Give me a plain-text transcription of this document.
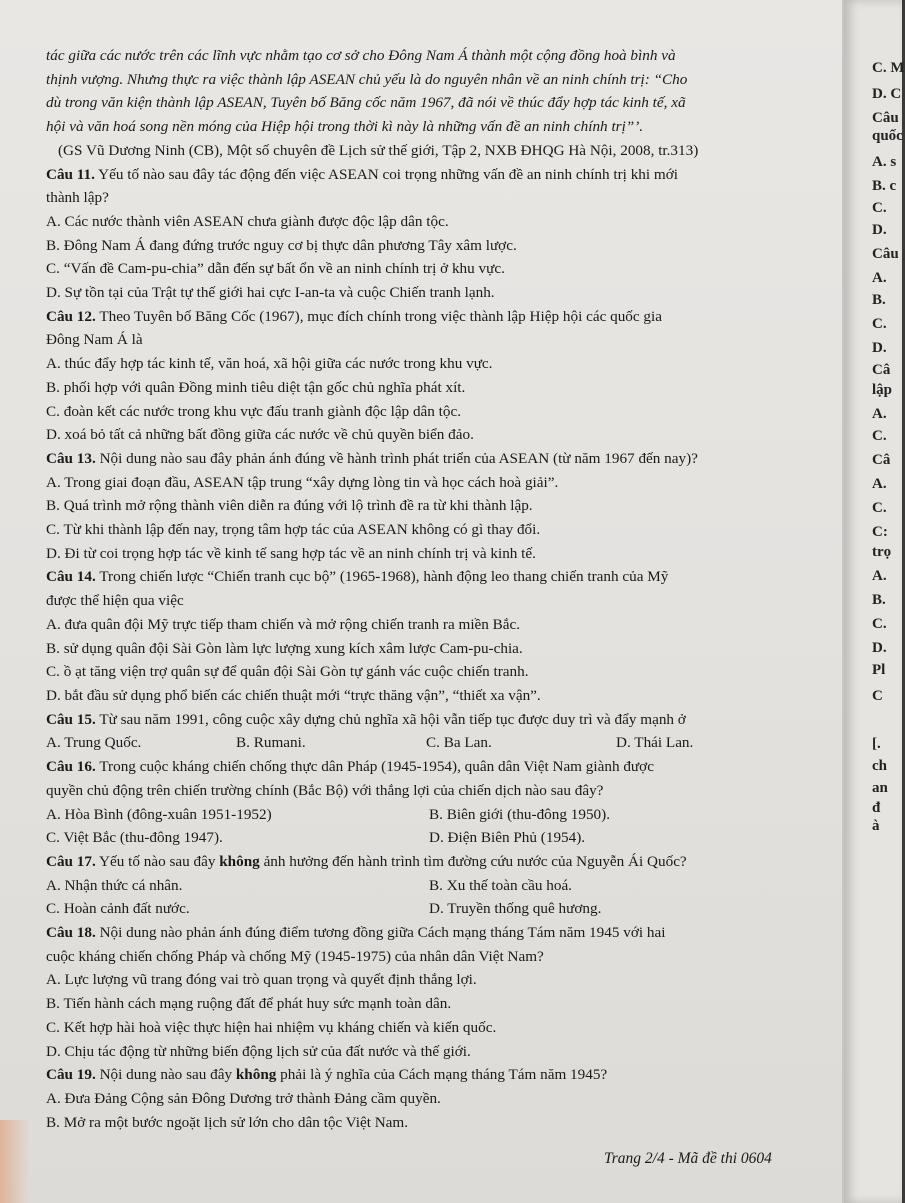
tác giữa các nước trên các lĩnh vực nhằm tạo cơ sở cho Đông Nam Á thành một cộng đồng hoà bình và

thịnh vượng. Nhưng thực ra việc thành lập ASEAN chủ yếu là do nguyên nhân về an ninh chính trị: “Cho

dù trong văn kiện thành lập ASEAN, Tuyên bố Băng cốc năm 1967, đã nói về thúc đẩy hợp tác kinh tế, xã

hội và văn hoá song nền móng của Hiệp hội trong thời kì này là những vấn đề an ninh chính trị”’.

(GS Vũ Dương Ninh (CB), Một số chuyên đề Lịch sử thế giới, Tập 2, NXB ĐHQG Hà Nội, 2008, tr.313)

Câu 11. Yếu tố nào sau đây tác động đến việc ASEAN coi trọng những vấn đề an ninh chính trị khi mới

thành lập?

A. Các nước thành viên ASEAN chưa giành được độc lập dân tộc.

B. Đông Nam Á đang đứng trước nguy cơ bị thực dân phương Tây xâm lược.

C. “Vấn đề Cam-pu-chia” dẫn đến sự bất ổn về an ninh chính trị ở khu vực.

D. Sự tồn tại của Trật tự thế giới hai cực I-an-ta và cuộc Chiến tranh lạnh.

Câu 12. Theo Tuyên bố Băng Cốc (1967), mục đích chính trong việc thành lập Hiệp hội các quốc gia

Đông Nam Á là

A. thúc đẩy hợp tác kinh tế, văn hoá, xã hội giữa các nước trong khu vực.

B. phối hợp với quân Đồng minh tiêu diệt tận gốc chủ nghĩa phát xít.

C. đoàn kết các nước trong khu vực đấu tranh giành độc lập dân tộc.

D. xoá bỏ tất cả những bất đồng giữa các nước về chủ quyền biển đảo.

Câu 13. Nội dung nào sau đây phản ánh đúng về hành trình phát triển của ASEAN (từ năm 1967 đến nay)?

A. Trong giai đoạn đầu, ASEAN tập trung “xây dựng lòng tin và học cách hoà giải”.

B. Quá trình mở rộng thành viên diễn ra đúng với lộ trình đề ra từ khi thành lập.

C. Từ khi thành lập đến nay, trọng tâm hợp tác của ASEAN không có gì thay đổi.

D. Đi từ coi trọng hợp tác về kinh tế sang hợp tác về an ninh chính trị và kinh tế.

Câu 14. Trong chiến lược “Chiến tranh cục bộ” (1965-1968), hành động leo thang chiến tranh của Mỹ

được thể hiện qua việc

A. đưa quân đội Mỹ trực tiếp tham chiến và mở rộng chiến tranh ra miền Bắc.

B. sử dụng quân đội Sài Gòn làm lực lượng xung kích xâm lược Cam-pu-chia.

C. ồ ạt tăng viện trợ quân sự để quân đội Sài Gòn tự gánh vác cuộc chiến tranh.

D. bắt đầu sử dụng phổ biến các chiến thuật mới “trực thăng vận”, “thiết xa vận”.

Câu 15. Từ sau năm 1991, công cuộc xây dựng chủ nghĩa xã hội vẫn tiếp tục được duy trì và đẩy mạnh ở

A. Trung Quốc.	B. Rumani.	C. Ba Lan.	D. Thái Lan.

Câu 16. Trong cuộc kháng chiến chống thực dân Pháp (1945-1954), quân dân Việt Nam giành được

quyền chủ động trên chiến trường chính (Bắc Bộ) với thắng lợi của chiến dịch nào sau đây?

A. Hòa Bình (đông-xuân 1951-1952)	B. Biên giới (thu-đông 1950).
C. Việt Bắc (thu-đông 1947).	D. Điện Biên Phủ (1954).

Câu 17. Yếu tố nào sau đây không ảnh hưởng đến hành trình tìm đường cứu nước của Nguyễn Ái Quốc?

A. Nhận thức cá nhân.	B. Xu thế toàn cầu hoá.
C. Hoàn cảnh đất nước.	D. Truyền thống quê hương.

Câu 18. Nội dung nào phản ánh đúng điểm tương đồng giữa Cách mạng tháng Tám năm 1945 với hai

cuộc kháng chiến chống Pháp và chống Mỹ (1945-1975) của nhân dân Việt Nam?

A. Lực lượng vũ trang đóng vai trò quan trọng và quyết định thắng lợi.

B. Tiến hành cách mạng ruộng đất để phát huy sức mạnh toàn dân.

C. Kết hợp hài hoà việc thực hiện hai nhiệm vụ kháng chiến và kiến quốc.

D. Chịu tác động từ những biến động lịch sử của đất nước và thế giới.

Câu 19. Nội dung nào sau đây không phải là ý nghĩa của Cách mạng tháng Tám năm 1945?

A. Đưa Đảng Cộng sản Đông Dương trở thành Đảng cầm quyền.

B. Mở ra một bước ngoặt lịch sử lớn cho dân tộc Việt Nam.

Trang 2/4 - Mã đề thi 0604
C. M
D. C
Câu
quốc
A. s
B. c
C.
D.
Câu
A.
B.
C.
D.
Câ
lập
A.
C.
Câ
A.
C.
C:
trọ
A.
B.
C.
D.
Pl
C
[.
ch
an
đ
à
